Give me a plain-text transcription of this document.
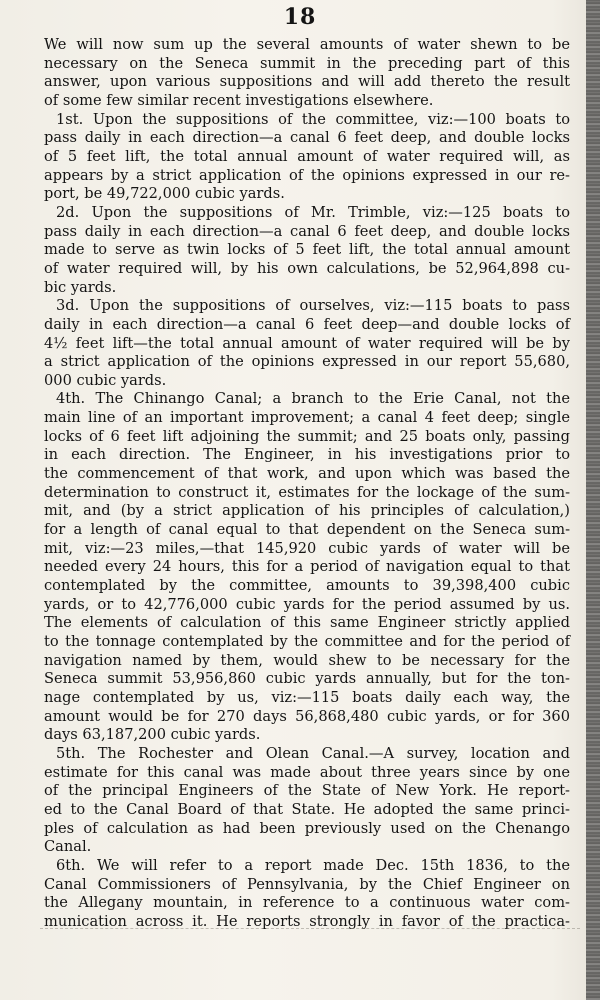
18

We will now sum up the several amounts of water shewn to be

necessary on the Seneca summit in the preceding part of this

answer, upon various suppositions and will add thereto the result

of some few similar recent investigations elsewhere.

1st. Upon the suppositions of the committee, viz:—100 boats to

pass daily in each direction—a canal 6 feet deep, and double locks

of 5 feet lift, the total annual amount of water required will, as

appears by a strict application of the opinions expressed in our re-

port, be 49,722,000 cubic yards.

2d. Upon the suppositions of Mr. Trimble, viz:—125 boats to

pass daily in each direction—a canal 6 feet deep, and double locks

made to serve as twin locks of 5 feet lift, the total annual amount

of water required will, by his own calculations, be 52,964,898 cu-

bic yards.

3d. Upon the suppositions of ourselves, viz:—115 boats to pass

daily in each direction—a canal 6 feet deep—and double locks of

4½ feet lift—the total annual amount of water required will be by

a strict application of the opinions expressed in our report 55,680,

000 cubic yards.

4th. The Chinango Canal; a branch to the Erie Canal, not the

main line of an important improvement; a canal 4 feet deep; single

locks of 6 feet lift adjoining the summit; and 25 boats only, passing

in each direction. The Engineer, in his investigations prior to

the commencement of that work, and upon which was based the

determination to construct it, estimates for the lockage of the sum-

mit, and (by a strict application of his principles of calculation,)

for a length of canal equal to that dependent on the Seneca sum-

mit, viz:—23 miles,—that 145,920 cubic yards of water will be

needed every 24 hours, this for a period of navigation equal to that

contemplated by the committee, amounts to 39,398,400 cubic

yards, or to 42,776,000 cubic yards for the period assumed by us.

The elements of calculation of this same Engineer strictly applied

to the tonnage contemplated by the committee and for the period of

navigation named by them, would shew to be necessary for the

Seneca summit 53,956,860 cubic yards annually, but for the ton-

nage contemplated by us, viz:—115 boats daily each way, the

amount would be for 270 days 56,868,480 cubic yards, or for 360

days 63,187,200 cubic yards.

5th. The Rochester and Olean Canal.—A survey, location and

estimate for this canal was made about three years since by one

of the principal Engineers of the State of New York. He report-

ed to the Canal Board of that State. He adopted the same princi-

ples of calculation as had been previously used on the Chenango

Canal.

6th. We will refer to a report made Dec. 15th 1836, to the

Canal Commissioners of Pennsylvania, by the Chief Engineer on

the Allegany mountain, in reference to a continuous water com-

munication across it. He reports strongly in favor of the practica-
